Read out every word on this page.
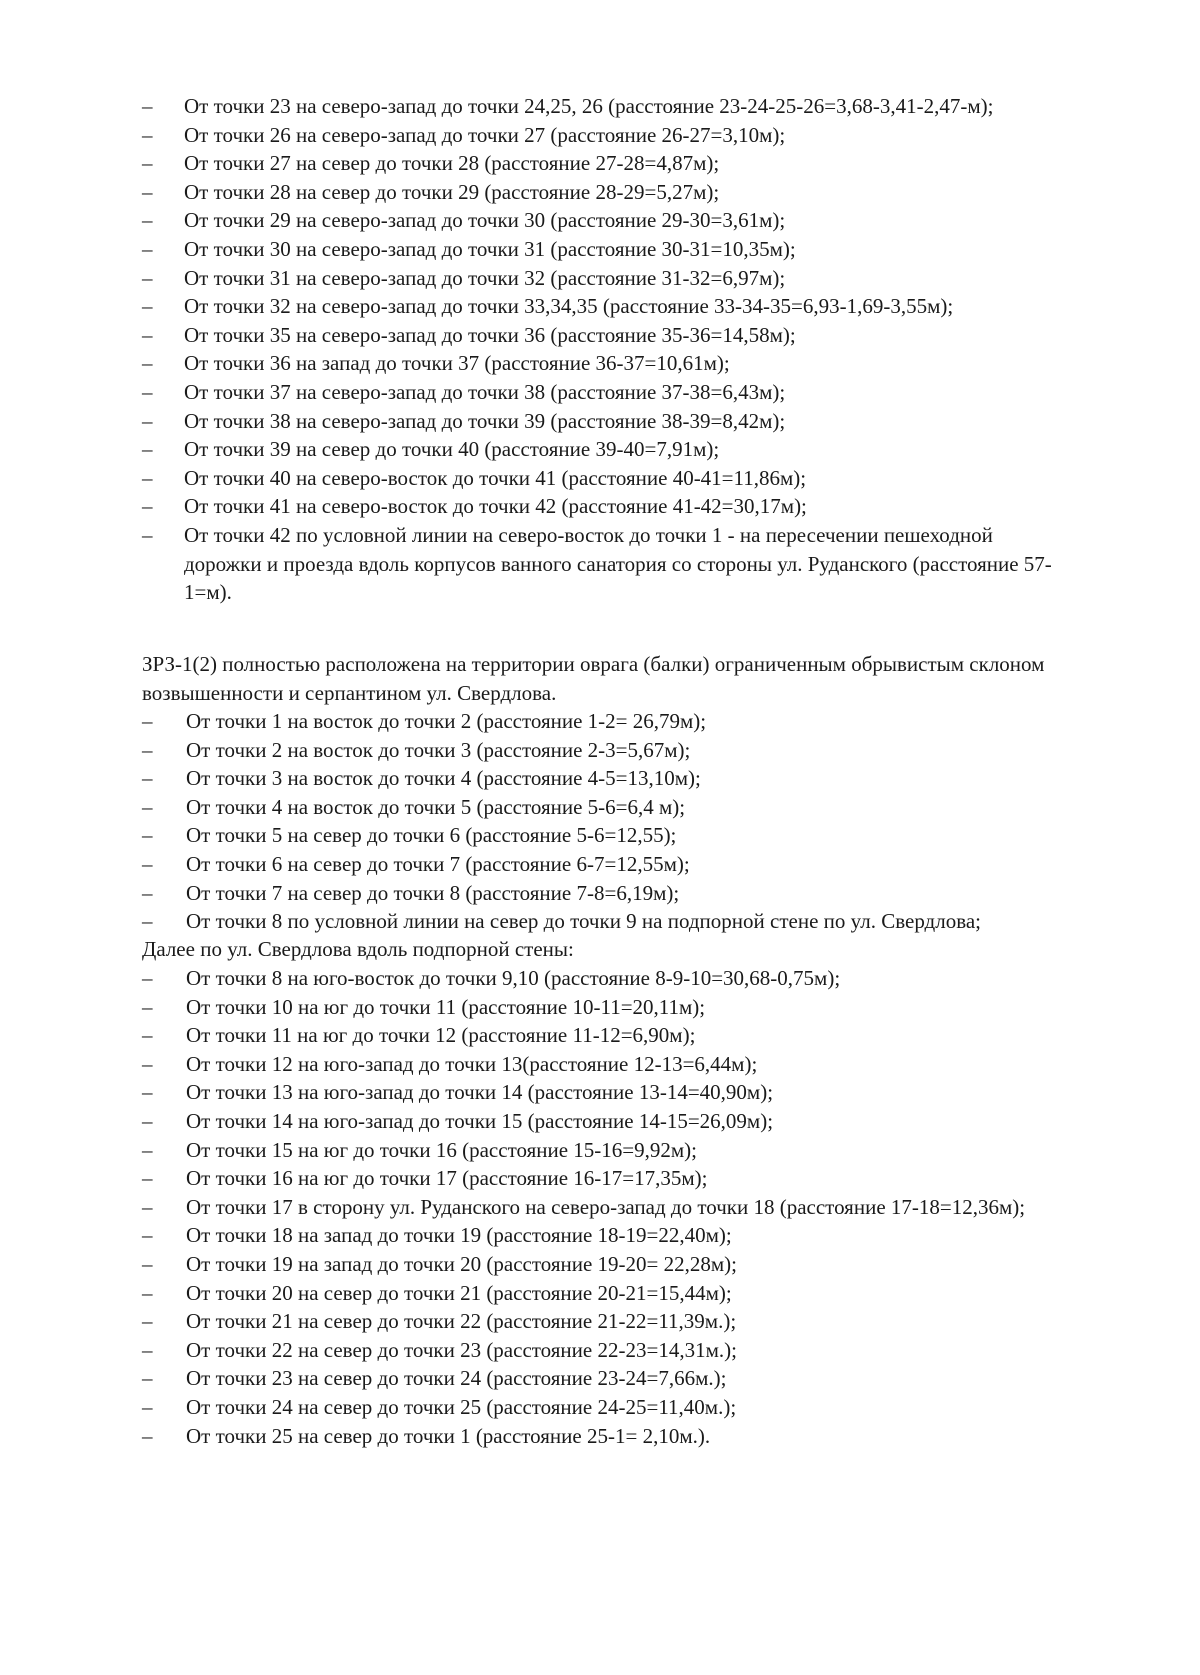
– От точки 23 на северо-запад до точки 24,25, 26 (расстояние 23-24-25-26=3,68-3,41-2,47-м);
– От точки 26 на северо-запад до точки 27 (расстояние 26-27=3,10м);
– От точки 27 на север до точки 28 (расстояние 27-28=4,87м);
– От точки 28 на север до точки 29 (расстояние 28-29=5,27м);
– От точки 29 на северо-запад до точки 30 (расстояние 29-30=3,61м);
– От точки 30 на северо-запад до точки 31 (расстояние 30-31=10,35м);
– От точки 31 на северо-запад до точки 32 (расстояние 31-32=6,97м);
– От точки 32 на северо-запад до точки 33,34,35 (расстояние 33-34-35=6,93-1,69-3,55м);
– От точки 35 на северо-запад до точки 36 (расстояние 35-36=14,58м);
– От точки 36 на запад до точки 37 (расстояние 36-37=10,61м);
– От точки 37 на северо-запад до точки 38 (расстояние 37-38=6,43м);
– От точки 38 на северо-запад до точки 39 (расстояние 38-39=8,42м);
– От точки 39 на север до точки 40 (расстояние 39-40=7,91м);
– От точки 40 на северо-восток до точки 41 (расстояние 40-41=11,86м);
– От точки 41 на северо-восток до точки 42 (расстояние 41-42=30,17м);
– От точки 42 по условной линии на северо-восток до точки 1 - на пересечении пешеходной дорожки и проезда вдоль корпусов ванного санатория со стороны ул. Руданского (расстояние 57-1=м).

ЗРЗ-1(2) полностью расположена на территории оврага (балки) ограниченным обрывистым склоном возвышенности и серпантином ул. Свердлова.

– От точки 1 на восток до точки 2 (расстояние 1-2= 26,79м);
– От точки 2 на восток до точки 3 (расстояние 2-3=5,67м);
– От точки 3 на восток до точки 4 (расстояние 4-5=13,10м);
– От точки 4 на восток до точки 5 (расстояние 5-6=6,4 м);
– От точки 5 на север до точки 6 (расстояние 5-6=12,55);
– От точки 6 на север до точки 7 (расстояние 6-7=12,55м);
– От точки 7 на север до точки 8 (расстояние 7-8=6,19м);
– От точки 8 по условной линии на север до точки 9 на подпорной стене по ул. Свердлова;

Далее по ул. Свердлова вдоль подпорной стены:

– От точки 8 на юго-восток до точки 9,10 (расстояние 8-9-10=30,68-0,75м);
– От точки 10 на юг до точки 11 (расстояние 10-11=20,11м);
– От точки 11 на юг до точки 12 (расстояние 11-12=6,90м);
– От точки 12 на юго-запад до точки 13(расстояние 12-13=6,44м);
– От точки 13 на юго-запад до точки 14 (расстояние 13-14=40,90м);
– От точки 14 на юго-запад до точки 15 (расстояние 14-15=26,09м);
– От точки 15 на юг до точки 16 (расстояние 15-16=9,92м);
– От точки 16 на юг до точки 17 (расстояние 16-17=17,35м);
– От точки 17 в сторону ул. Руданского на северо-запад до точки 18 (расстояние 17-18=12,36м);
– От точки 18 на запад до точки 19 (расстояние 18-19=22,40м);
– От точки 19 на запад до точки 20 (расстояние 19-20= 22,28м);
– От точки 20 на север до точки 21 (расстояние 20-21=15,44м);
– От точки 21 на север до точки 22 (расстояние 21-22=11,39м.);
– От точки 22 на север до точки 23 (расстояние 22-23=14,31м.);
– От точки 23 на север до точки 24 (расстояние 23-24=7,66м.);
– От точки 24 на север до точки 25 (расстояние 24-25=11,40м.);
– От точки 25 на север до точки 1 (расстояние 25-1= 2,10м.).
